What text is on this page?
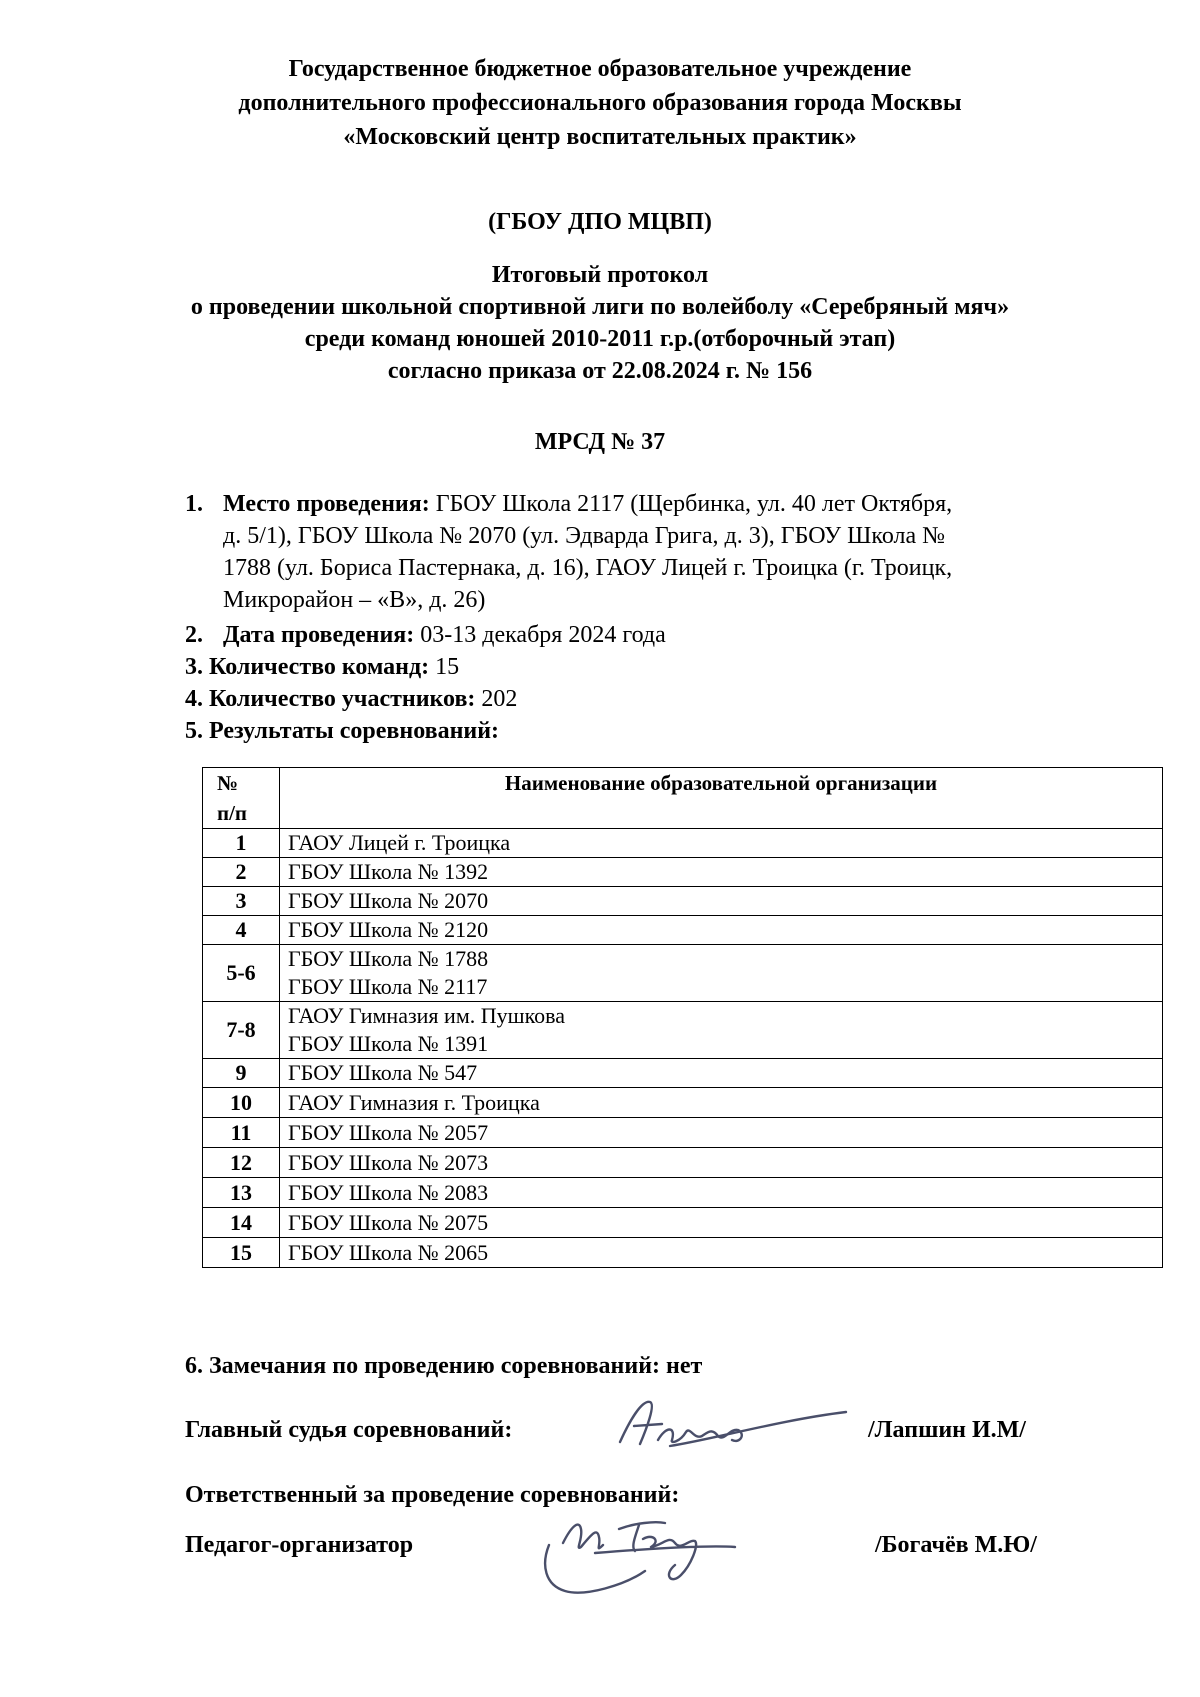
Государственное бюджетное образовательное учреждение
дополнительного профессионального образования города Москвы
«Московский центр воспитательных практик»
(ГБОУ ДПО МЦВП)
Итоговый протокол
о проведении школьной спортивной лиги по волейболу «Серебряный мяч»
среди команд юношей 2010-2011 г.р.(отборочный этап)
согласно приказа от 22.08.2024 г. № 156
МРСД № 37
1. Место проведения: ГБОУ Школа 2117 (Щербинка, ул. 40 лет Октября,
д. 5/1), ГБОУ Школа № 2070 (ул. Эдварда Грига, д. 3), ГБОУ Школа №
1788 (ул. Бориса Пастернака, д. 16), ГАОУ Лицей г. Троицка (г. Троицк,
Микрорайон – «В», д. 26)
2. Дата проведения: 03-13 декабря 2024 года
3. Количество команд: 15
4. Количество участников: 202
5. Результаты соревнований:
№
п/п	Наименование образовательной организации
1	ГАОУ Лицей г. Троицка

2	ГБОУ Школа № 1392

3	ГБОУ Школа № 2070

4	ГБОУ Школа № 2120

5-6	ГБОУ Школа № 1788
ГБОУ Школа № 2117

7-8	ГАОУ Гимназия им. Пушкова
ГБОУ Школа № 1391

9	ГБОУ Школа № 547

10	ГАОУ Гимназия г. Троицка

11	ГБОУ Школа № 2057

12	ГБОУ Школа № 2073

13	ГБОУ Школа № 2083

14	ГБОУ Школа № 2075

15	ГБОУ Школа № 2065
6. Замечания по проведению соревнований: нет
Главный судья соревнований:	/Лапшин И.М/
Ответственный за проведение соревнований:
Педагог-организатор	/Богачёв М.Ю/
